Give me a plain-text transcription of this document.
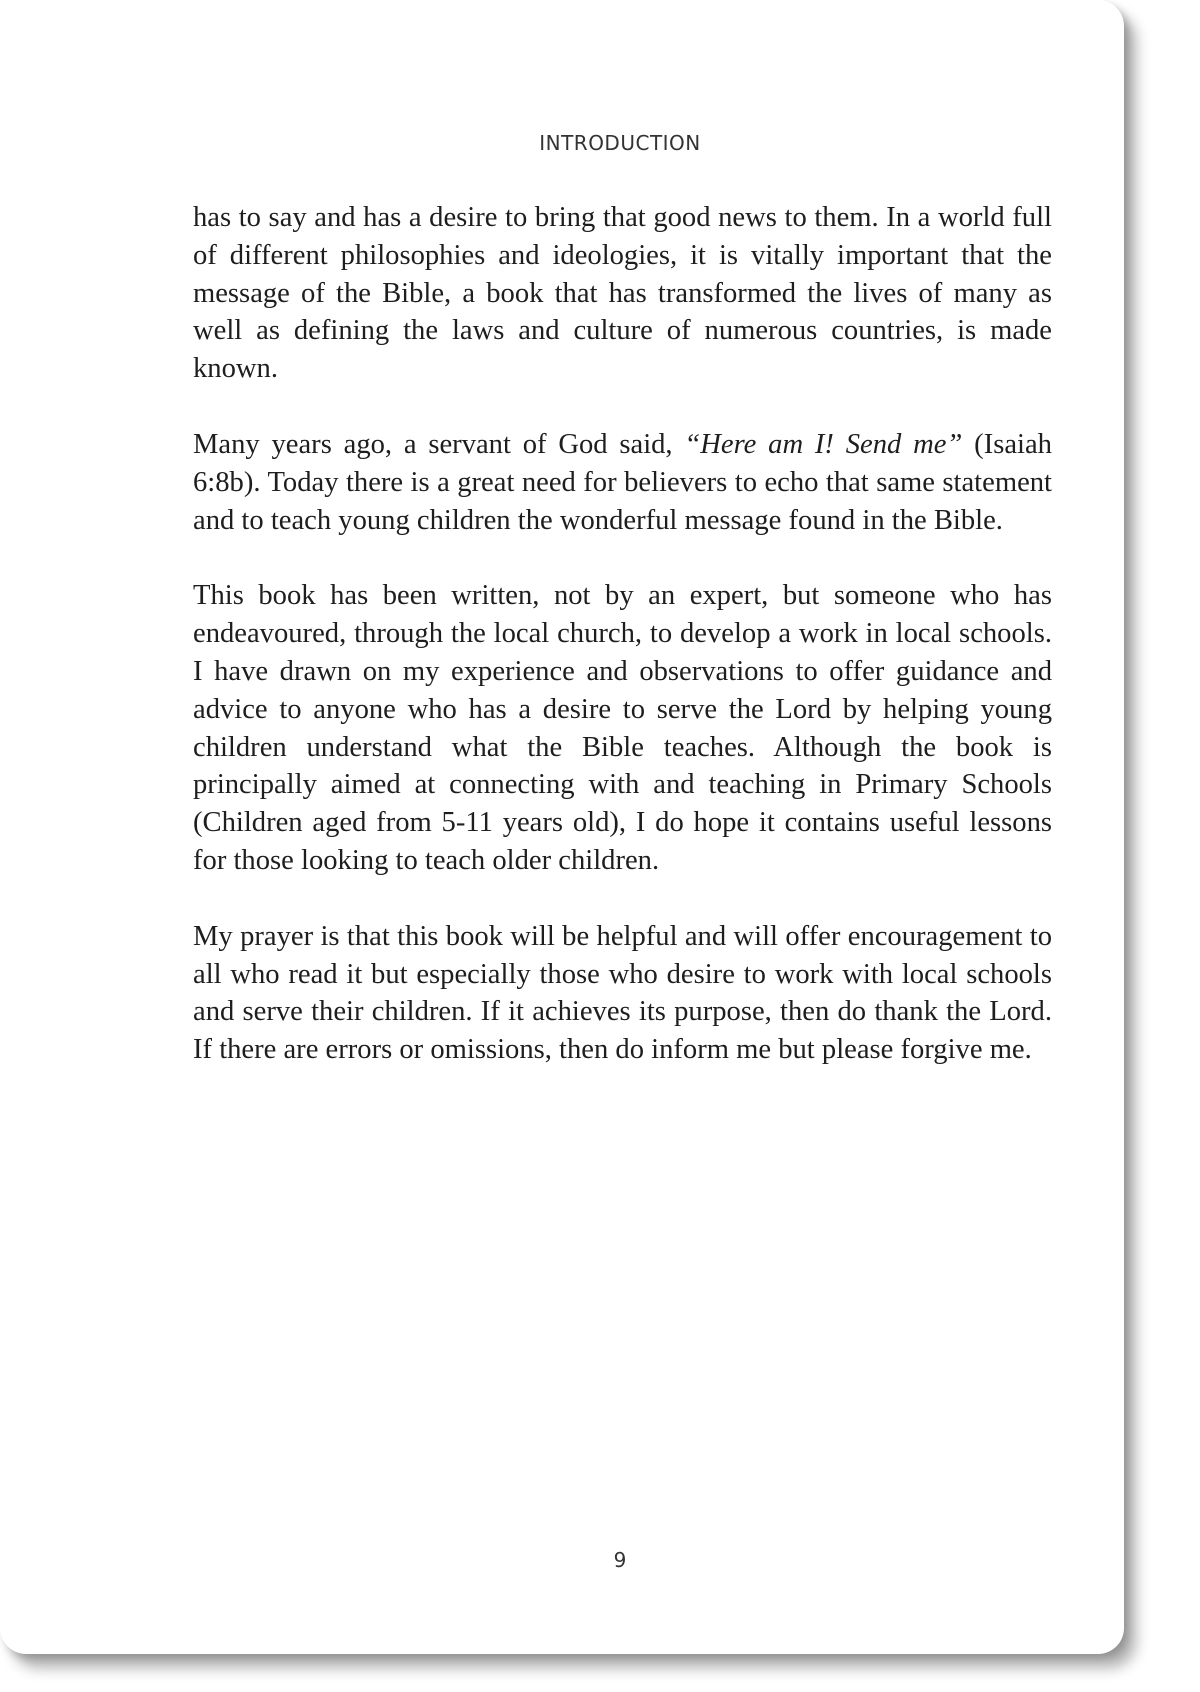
INTRODUCTION

has to say and has a desire to bring that good news to them. In a world full of different philosophies and ideologies, it is vitally important that the message of the Bible, a book that has transformed the lives of many as well as defining the laws and culture of numerous countries, is made known.

Many years ago, a servant of God said, “Here am I! Send me” (Isaiah 6:8b). Today there is a great need for believers to echo that same statement and to teach young children the wonderful message found in the Bible.

This book has been written, not by an expert, but someone who has endeavoured, through the local church, to develop a work in local schools. I have drawn on my experience and observations to offer guidance and advice to anyone who has a desire to serve the Lord by helping young children understand what the Bible teaches. Although the book is principally aimed at connecting with and teaching in Primary Schools (Children aged from 5-11 years old), I do hope it contains useful lessons for those looking to teach older children.

My prayer is that this book will be helpful and will offer encouragement to all who read it but especially those who desire to work with local schools and serve their children. If it achieves its purpose, then do thank the Lord. If there are errors or omissions, then do inform me but please forgive me.

9
